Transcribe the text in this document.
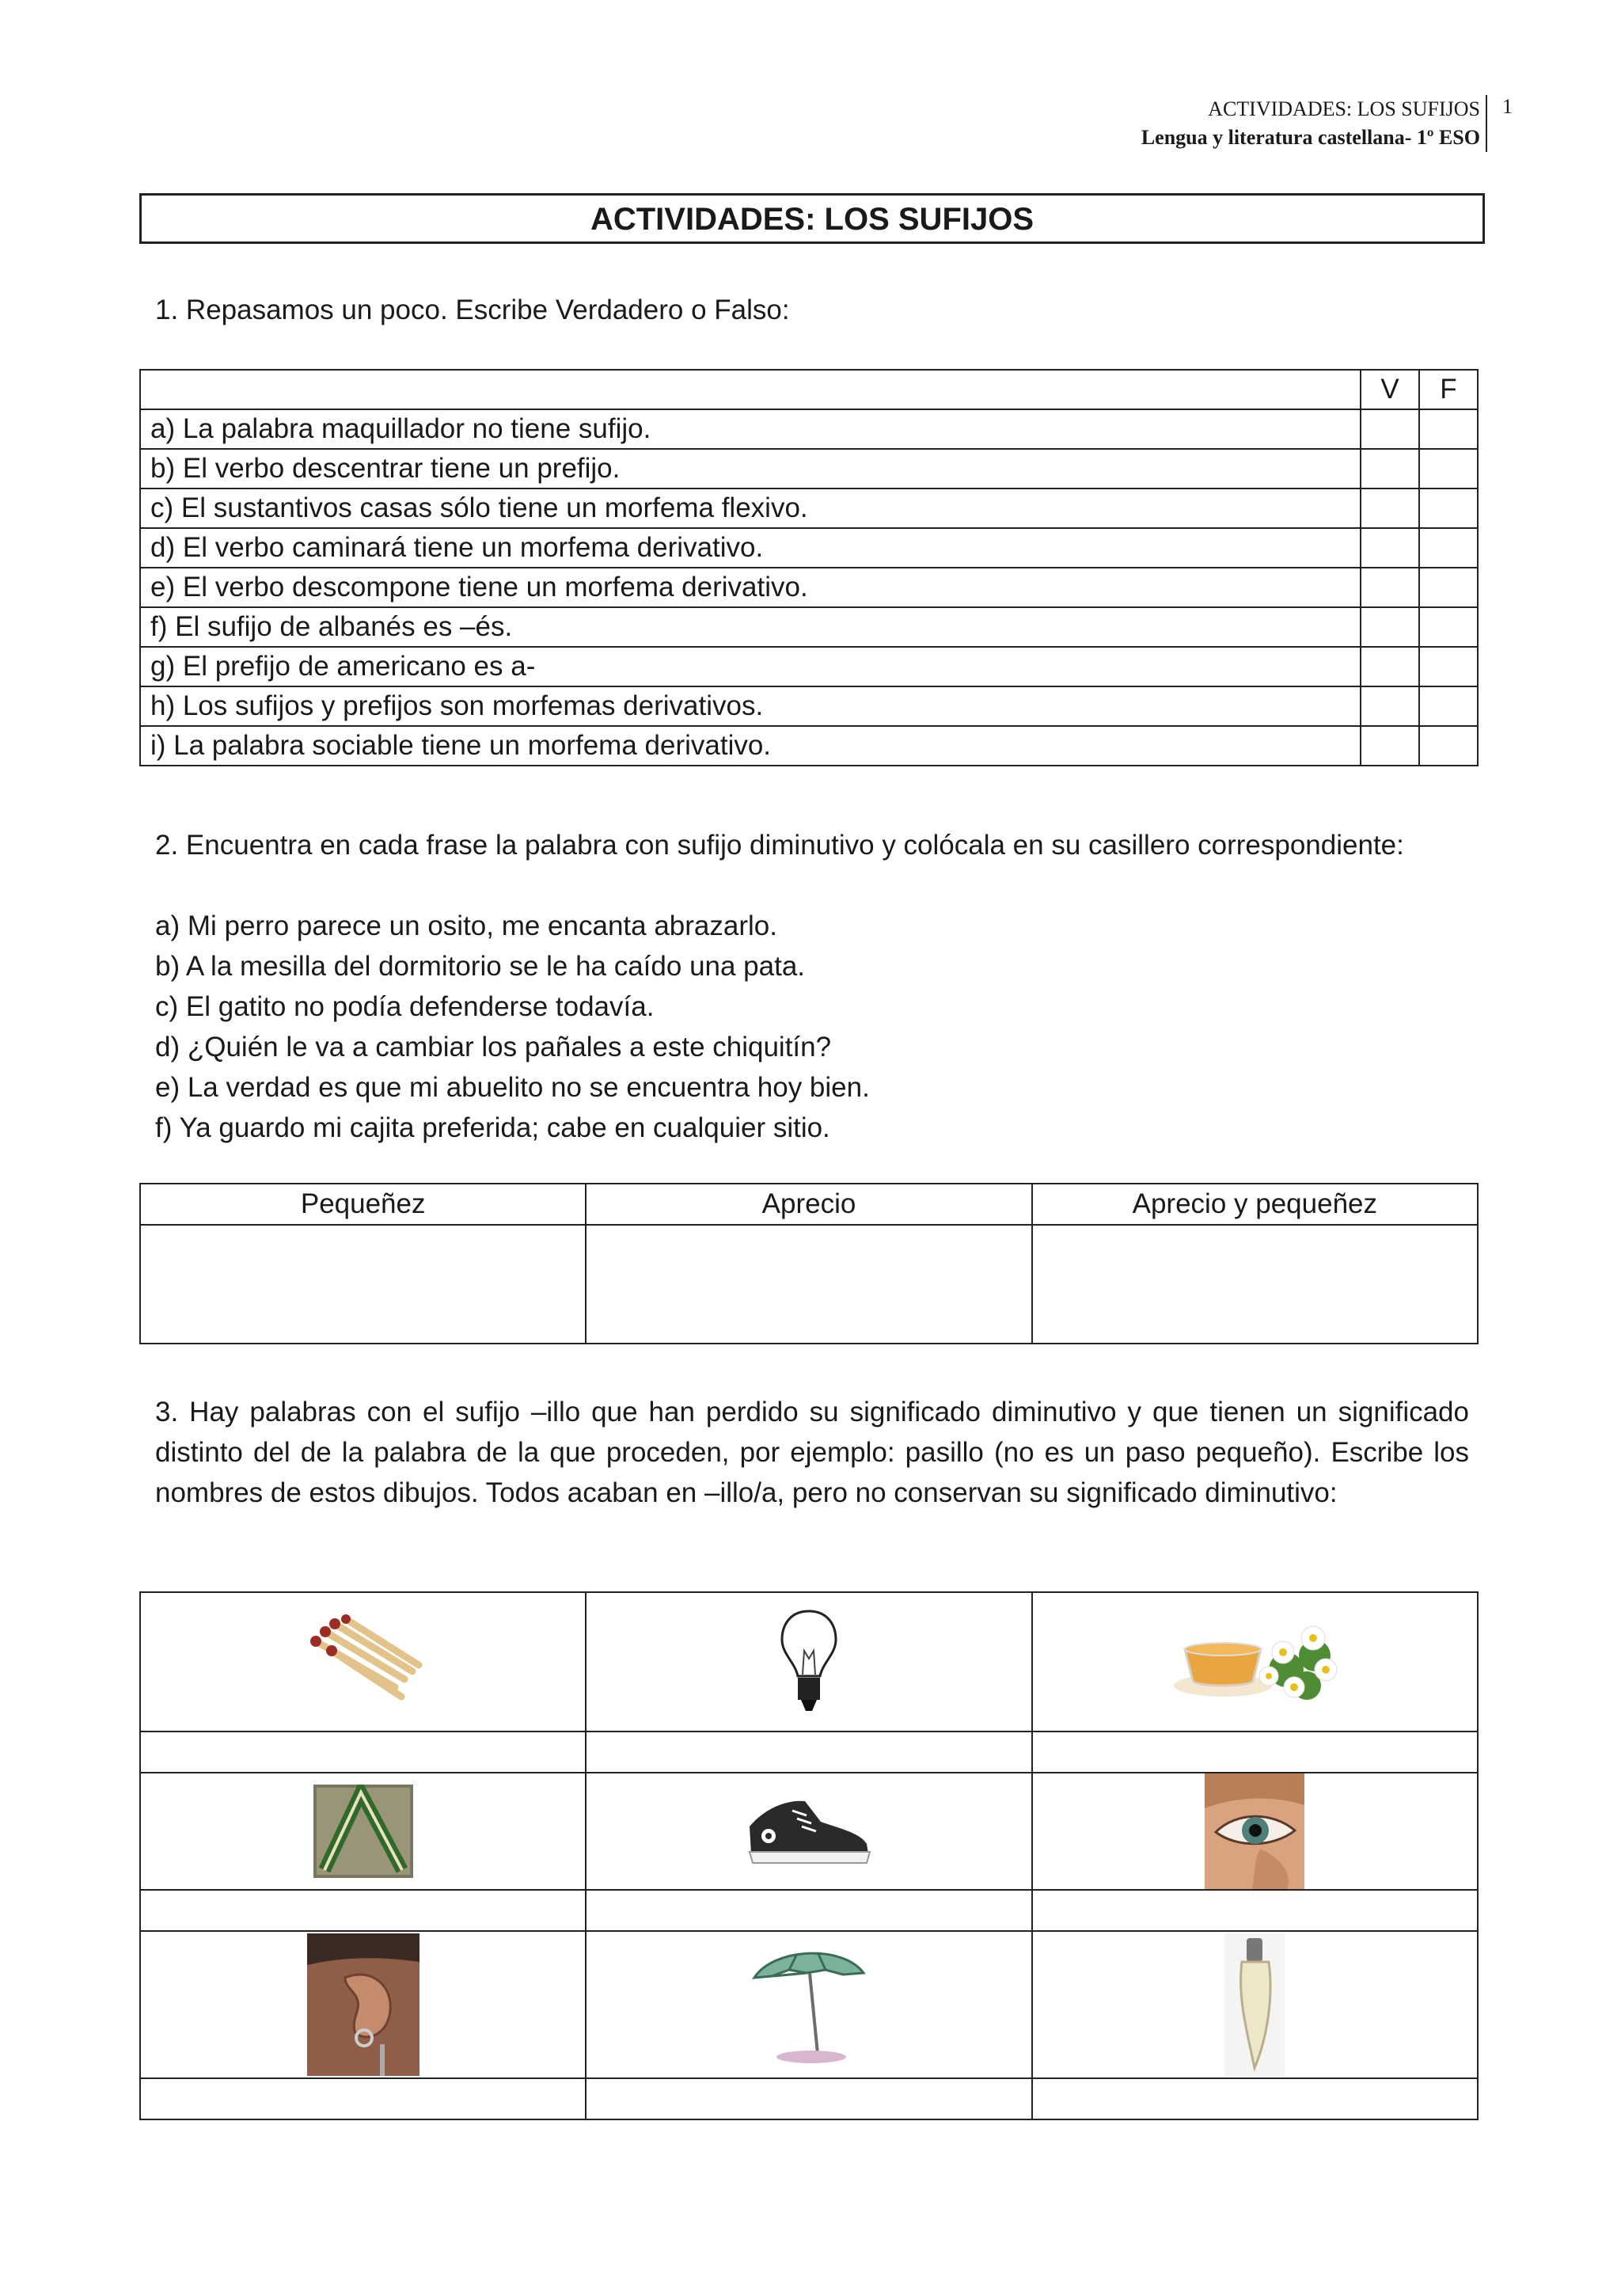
ACTIVIDADES: LOS SUFIJOS
Lengua y literatura castellana- 1º ESO
1
ACTIVIDADES: LOS SUFIJOS
1. Repasamos un poco. Escribe Verdadero o Falso:
	V	F
a) La palabra maquillador no tiene sufijo.		
b) El verbo descentrar tiene un prefijo.		
c) El sustantivos casas sólo tiene un morfema flexivo.		
d) El verbo caminará tiene un morfema derivativo.		
e) El verbo descompone tiene un morfema derivativo.		
f) El sufijo de albanés es –és.		
g) El prefijo de americano es a-		
h) Los sufijos y prefijos son morfemas derivativos.		
i) La palabra sociable tiene un morfema derivativo.		
2. Encuentra en cada frase la palabra con sufijo diminutivo y colócala en su casillero correspondiente:
a) Mi perro parece un osito, me encanta abrazarlo.
b) A la mesilla del dormitorio se le ha caído una pata.
c) El gatito no podía defenderse todavía.
d) ¿Quién le va a cambiar los pañales a este chiquitín?
e) La verdad es que mi abuelito no se encuentra hoy bien.
f) Ya guardo mi cajita preferida; cabe en cualquier sitio.
Pequeñez	Aprecio	Aprecio y pequeñez

3. Hay palabras con el sufijo –illo que han perdido su significado diminutivo y que tienen un significado distinto del de la palabra de la que proceden, por ejemplo: pasillo (no es un paso pequeño). Escribe los nombres de estos dibujos. Todos acaban en –illo/a, pero no conservan su significado diminutivo:
